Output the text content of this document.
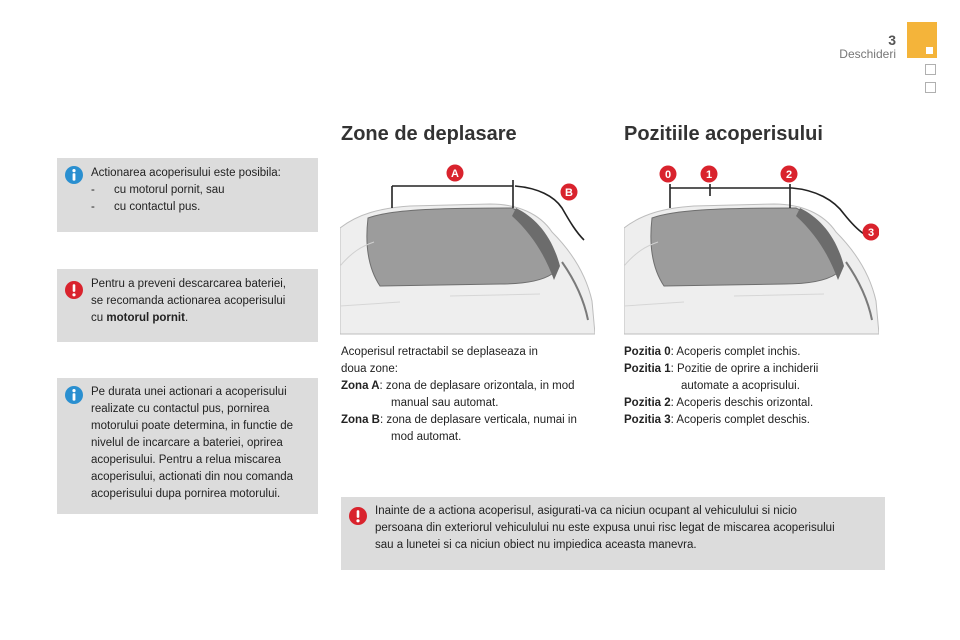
3
Deschideri

Actionarea acoperisului este posibila:

-	cu motorul pornit, sau
-	cu contactul pus.

Pentru a preveni descarcarea bateriei,

se recomanda actionarea acoperisului

cu motorul pornit.

Pe durata unei actionari a acoperisului

realizate cu contactul pus, pornirea

motorului poate determina, in functie de

nivelul de incarcare a bateriei, oprirea

acoperisului. Pentru a relua miscarea

acoperisului, actionati din nou comanda

acoperisului dupa pornirea motorului.

Zone de deplasare
A
B

Acoperisul retractabil se deplaseaza in

doua zone:

Zona A: zona de deplasare orizontala, in mod

manual sau automat.

Zona B: zona de deplasare verticala, numai in

mod automat.

Pozitiile acoperisului
0	1	2
3

Pozitia 0: Acoperis complet inchis.

Pozitia 1: Pozitie de oprire a inchiderii

automate a acoprisului.

Pozitia 2: Acoperis deschis orizontal.

Pozitia 3: Acoperis complet deschis.

Inainte de a actiona acoperisul, asigurati-va ca niciun ocupant al vehiculului si nicio

persoana din exteriorul vehiculului nu este expusa unui risc legat de miscarea acoperisului

sau a lunetei si ca niciun obiect nu impiedica aceasta manevra.
